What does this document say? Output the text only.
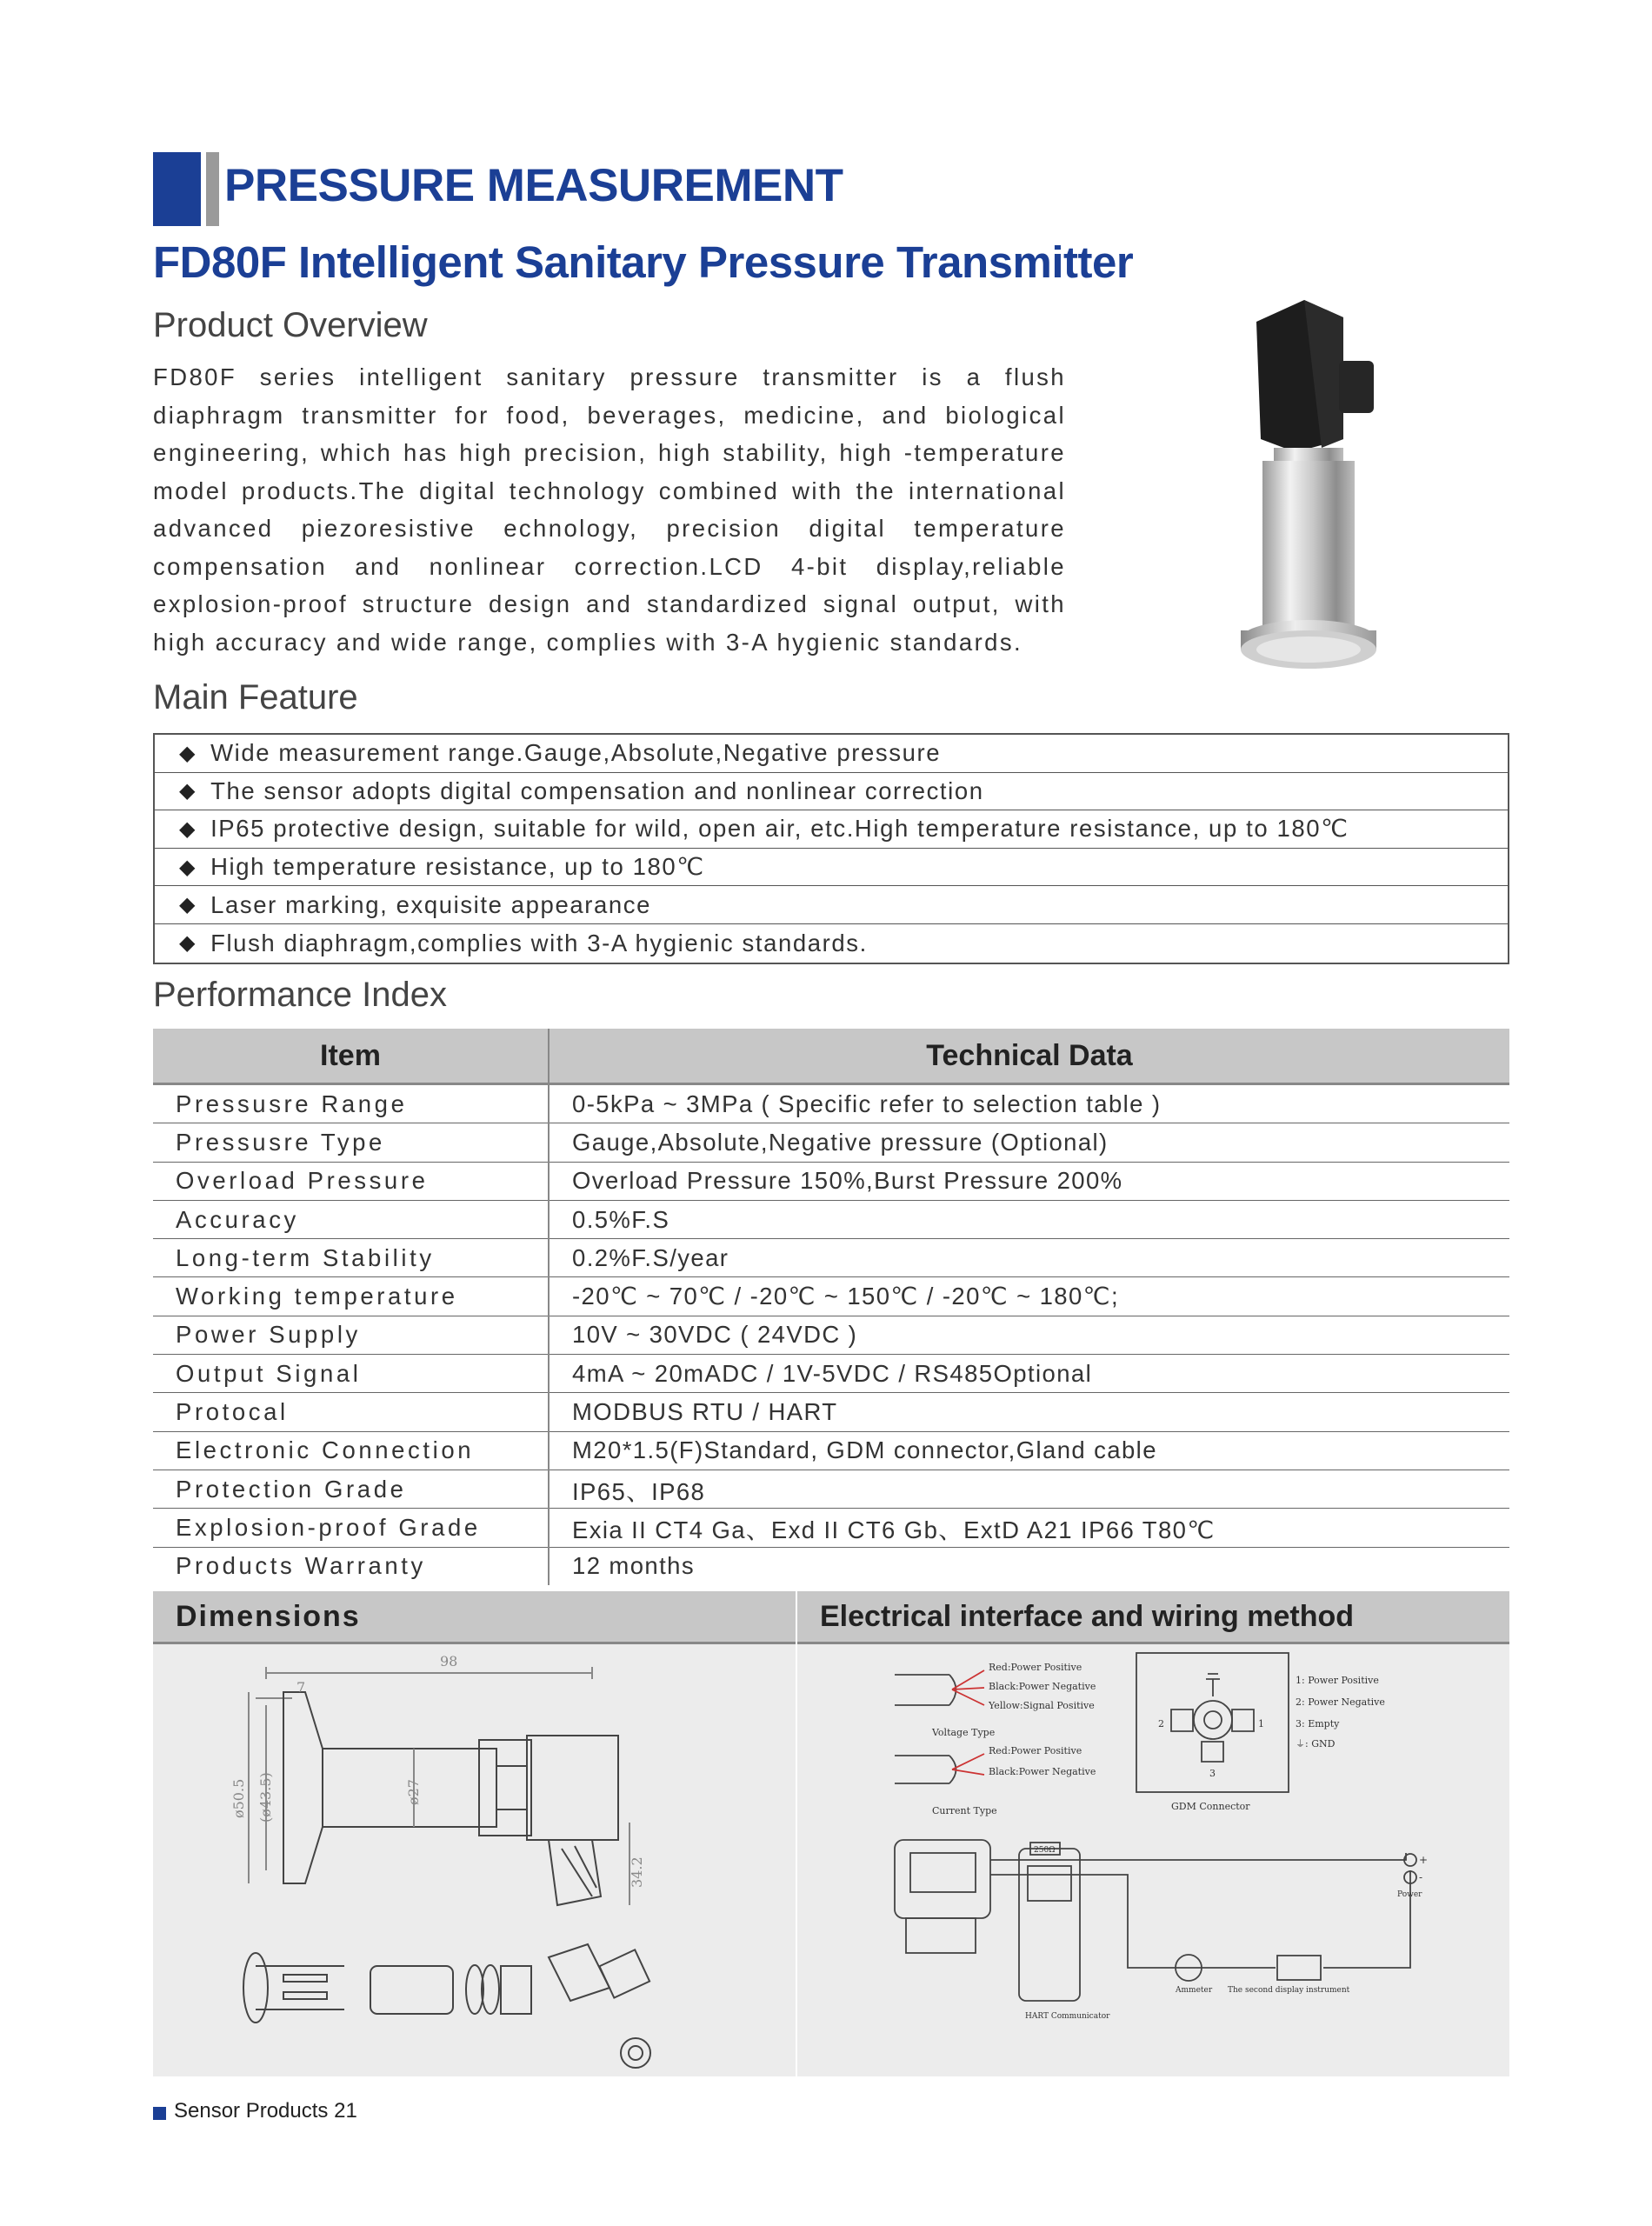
PRESSURE MEASUREMENT
FD80F Intelligent Sanitary Pressure Transmitter
Product Overview
FD80F series intelligent sanitary pressure transmitter is a flush diaphragm transmitter for food, beverages, medicine, and biological engineering, which has high precision, high stability, high -temperature model products.The digital technology combined with the international advanced piezoresistive echnology, precision digital temperature compensation and nonlinear correction.LCD 4-bit display,reliable explosion-proof structure design and standardized signal output, with high accuracy and wide range, complies with 3-A hygienic standards.
Main Feature
◆ Wide measurement range.Gauge,Absolute,Negative pressure
◆ The sensor adopts digital compensation and nonlinear correction
◆ IP65 protective design, suitable for wild, open air, etc.High temperature resistance, up to 180℃
◆ High temperature resistance, up to 180℃
◆ Laser marking, exquisite appearance
◆ Flush diaphragm,complies with 3-A hygienic standards.
Performance Index
Item	Technical Data
Pressusre Range	0-5kPa ~ 3MPa ( Specific refer to selection table )
Pressusre Type	Gauge,Absolute,Negative pressure (Optional)
Overload Pressure	Overload Pressure 150%,Burst Pressure 200%
Accuracy	0.5%F.S
Long-term Stability	0.2%F.S/year
Working temperature	-20℃ ~ 70℃ / -20℃ ~ 150℃ / -20℃ ~ 180℃;
Power Supply	10V ~ 30VDC ( 24VDC )
Output Signal	4mA ~ 20mADC / 1V-5VDC / RS485Optional
Protocal	MODBUS RTU / HART
Electronic Connection	M20*1.5(F)Standard, GDM connector,Gland cable
Protection Grade	IP65、IP68
Explosion-proof Grade	Exia II CT4 Ga、Exd II CT6 Gb、ExtD A21 IP66 T80℃
Products Warranty	12 months
Dimensions
98
7
ø50.5 (ø43.5)	ø27
34.2
Electrical interface and wiring method
Red:Power Positive
Black:Power Negative
Yellow:Signal Positive
Voltage Type
Red:Power Positive
Black:Power Negative
Current Type	GDM Connector
1: Power Positive
2: Power Negative
3: Empty
⏚: GND
1
2
3
250Ω
HART Communicator
Ammeter The second display instrument
Power
+
-
Sensor Products 21
